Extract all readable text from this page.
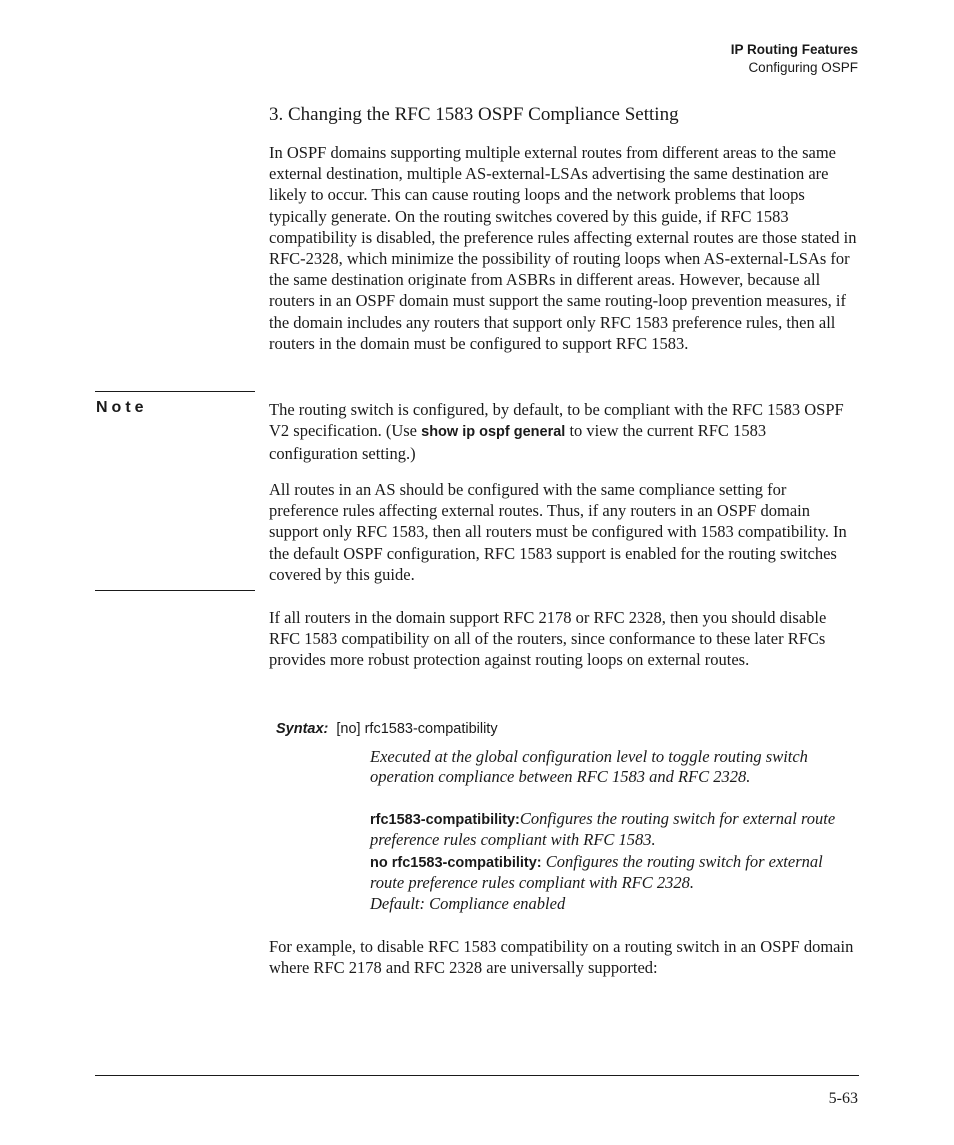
IP Routing Features
Configuring OSPF
3. Changing the RFC 1583 OSPF Compliance Setting

In OSPF domains supporting multiple external routes from different areas to the same external destination, multiple AS-external-LSAs advertising the same destination are likely to occur. This can cause routing loops and the network problems that loops typically generate. On the routing switches covered by this guide, if RFC 1583 compatibility is disabled, the preference rules affecting external routes are those stated in RFC-2328, which minimize the possibility of routing loops when AS-external-LSAs for the same destination originate from ASBRs in different areas. However, because all routers in an OSPF domain must support the same routing-loop prevention measures, if the domain includes any routers that support only RFC 1583 preference rules, then all routers in the domain must be configured to support RFC 1583.

Note	The routing switch is configured, by default, to be compliant with the RFC 1583 OSPF V2 specification. (Use show ip ospf general to view the current RFC 1583 configuration setting.)

All routes in an AS should be configured with the same compliance setting for preference rules affecting external routes. Thus, if any routers in an OSPF domain support only RFC 1583, then all routers must be configured with 1583 compatibility. In the default OSPF configuration, RFC 1583 support is enabled for the routing switches covered by this guide.

If all routers in the domain support RFC 2178 or RFC 2328, then you should disable RFC 1583 compatibility on all of the routers, since conformance to these later RFCs provides more robust protection against routing loops on external routes.

Syntax: [no] rfc1583-compatibility

Executed at the global configuration level to toggle routing switch operation compliance between RFC 1583 and RFC 2328.

rfc1583-compatibility:Configures the routing switch for external route preference rules compliant with RFC 1583.

no rfc1583-compatibility: Configures the routing switch for external route preference rules compliant with RFC 2328.

Default: Compliance enabled

For example, to disable RFC 1583 compatibility on a routing switch in an OSPF domain where RFC 2178 and RFC 2328 are universally supported:

5-63
